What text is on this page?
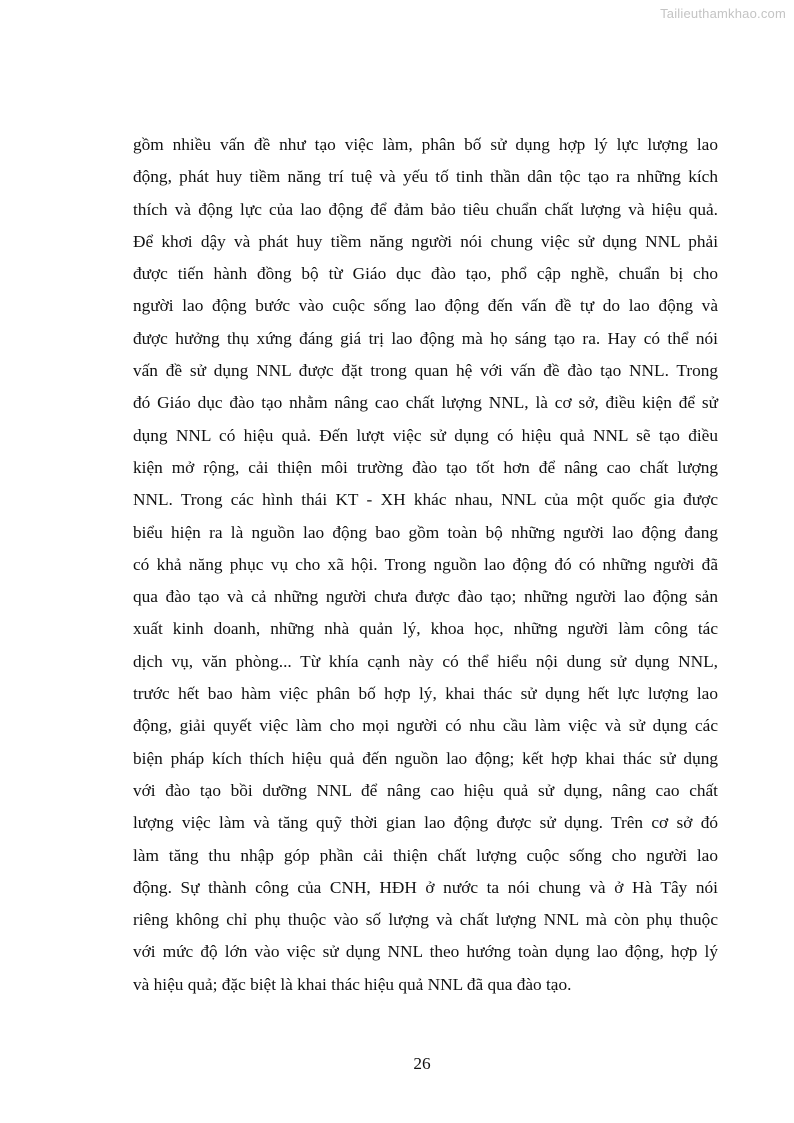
Tailieuthamkhao.com
gồm nhiều vấn đề như tạo việc làm, phân bố sử dụng hợp lý lực lượng lao
động, phát huy tiềm năng trí tuệ và yếu tố tinh thần dân tộc tạo ra những kích
thích và động lực của lao động để đảm bảo tiêu chuẩn chất lượng và hiệu quả.
Để khơi dậy và phát huy tiềm năng người nói chung việc sử dụng NNL phải
được tiến hành đồng bộ từ Giáo dục đào tạo, phổ cập nghề, chuẩn bị cho
người lao động bước vào cuộc sống lao động đến vấn đề tự do lao động và
được hưởng thụ xứng đáng giá trị lao động mà họ sáng tạo ra. Hay có thể nói
vấn đề sử dụng NNL được đặt trong quan hệ với vấn đề đào tạo NNL. Trong
đó Giáo dục đào tạo nhằm nâng cao chất lượng NNL, là cơ sở, điều kiện để sử
dụng NNL có hiệu quả. Đến lượt việc sử dụng có hiệu quả NNL sẽ tạo điều
kiện mở rộng, cải thiện môi trường đào tạo tốt hơn để nâng cao chất lượng
NNL. Trong các hình thái KT - XH khác nhau, NNL của một quốc gia được
biểu hiện ra là nguồn lao động bao gồm toàn bộ những người lao động đang
có khả năng phục vụ cho xã hội. Trong nguồn lao động đó có những người đã
qua đào tạo và cả những người chưa được đào tạo; những người lao động sản
xuất kinh doanh, những nhà quản lý, khoa học, những người làm công tác
dịch vụ, văn phòng... Từ khía cạnh này có thể hiểu nội dung sử dụng NNL,
trước hết bao hàm việc phân bố hợp lý, khai thác sử dụng hết lực lượng lao
động, giải quyết việc làm cho mọi người có nhu cầu làm việc và sử dụng các
biện pháp kích thích hiệu quả đến nguồn lao động; kết hợp khai thác sử dụng
với đào tạo bồi dưỡng NNL để nâng cao hiệu quả sử dụng, nâng cao chất
lượng việc làm và tăng quỹ thời gian lao động được sử dụng. Trên cơ sở đó
làm tăng thu nhập góp phần cải thiện chất lượng cuộc sống cho người lao
động. Sự thành công của CNH, HĐH ở nước ta nói chung và ở Hà Tây nói
riêng không chỉ phụ thuộc vào số lượng và chất lượng NNL mà còn phụ thuộc
với mức độ lớn vào việc sử dụng NNL theo hướng toàn dụng lao động, hợp lý
và hiệu quả; đặc biệt là khai thác hiệu quả NNL đã qua đào tạo.
26
